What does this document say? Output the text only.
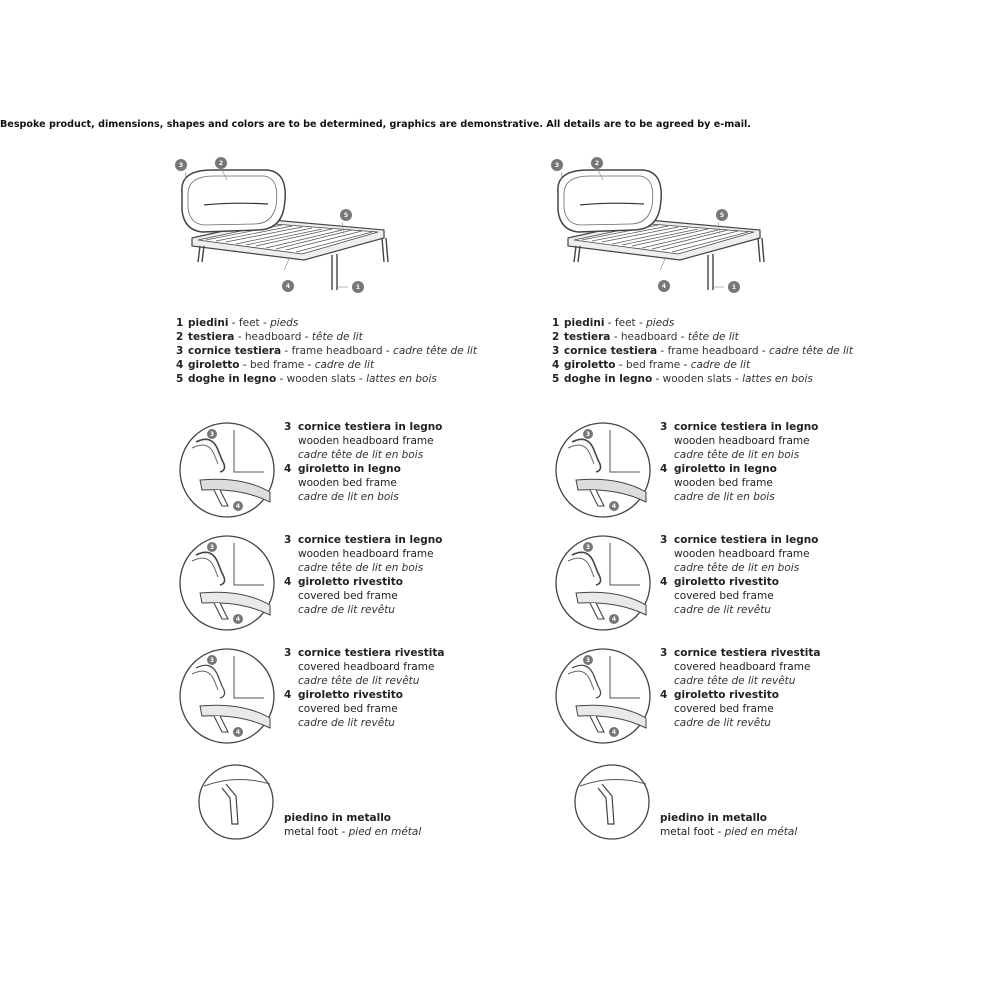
Bespoke product, dimensions, shapes and colors are to be determined, graphics are demonstrative. All details are to be agreed by e-mail.
3	2
5
4	1
1 piedini - feet - pieds
2 testiera - headboard - tête de lit
3 cornice testiera - frame headboard - cadre tête de lit
4 giroletto - bed frame - cadre de lit
5 doghe in legno - wooden slats - lattes en bois
3
4
3 cornice testiera in legno
wooden headboard frame
cadre tête de lit en bois
4 giroletto in legno
wooden bed frame
cadre de lit en bois
3
4
3 cornice testiera in legno
wooden headboard frame
cadre tête de lit en bois
4 giroletto rivestito
covered bed frame
cadre de lit revêtu
3
4
3 cornice testiera rivestita
covered headboard frame
cadre tête de lit revêtu
4 giroletto rivestito
covered bed frame
cadre de lit revêtu
piedino in metallo
metal foot - pied en métal
3	2
5
4	1
1 piedini - feet - pieds
2 testiera - headboard - tête de lit
3 cornice testiera - frame headboard - cadre tête de lit
4 giroletto - bed frame - cadre de lit
5 doghe in legno - wooden slats - lattes en bois
3
4
3 cornice testiera in legno
wooden headboard frame
cadre tête de lit en bois
4 giroletto in legno
wooden bed frame
cadre de lit en bois
3
4
3 cornice testiera in legno
wooden headboard frame
cadre tête de lit en bois
4 giroletto rivestito
covered bed frame
cadre de lit revêtu
3
4
3 cornice testiera rivestita
covered headboard frame
cadre tête de lit revêtu
4 giroletto rivestito
covered bed frame
cadre de lit revêtu
piedino in metallo
metal foot - pied en métal
